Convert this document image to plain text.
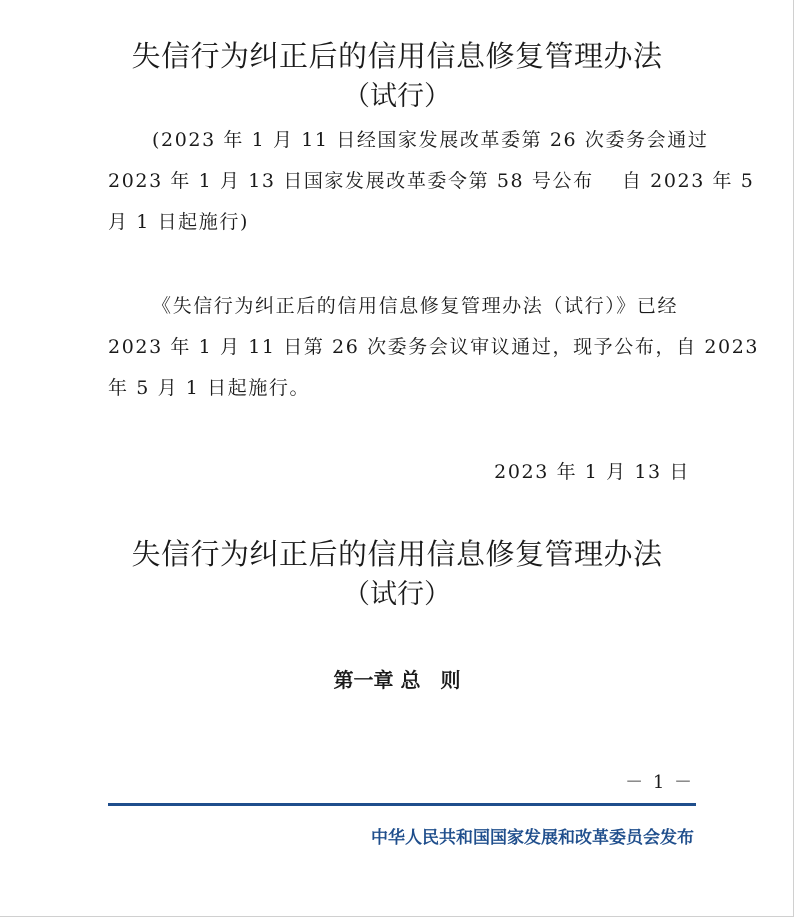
失信行为纠正后的信用信息修复管理办法
（试行）
(2023 年 1 月 11 日经国家发展改革委第 26 次委务会通过
2023 年 1 月 13 日国家发展改革委令第 58 号公布　 自 2023 年 5
月 1 日起施行)
《失信行为纠正后的信用信息修复管理办法（试行）》已经
2023 年 1 月 11 日第 26 次委务会议审议通过，现予公布，自 2023
年 5 月 1 日起施行。
2023 年 1 月 13 日
失信行为纠正后的信用信息修复管理办法
（试行）
第一章 总　则
－ 1 －
中华人民共和国国家发展和改革委员会发布
